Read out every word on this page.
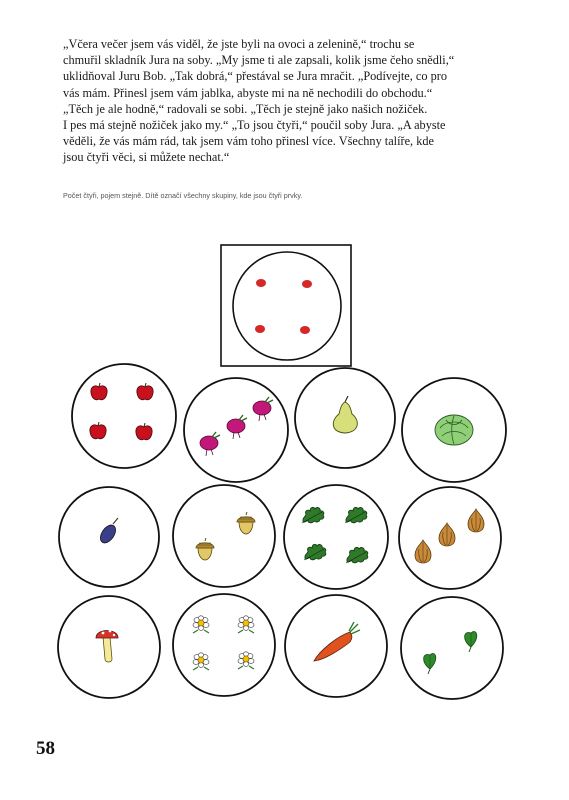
„Včera večer jsem vás viděl, že jste byli na ovoci a zelenině,“ trochu se
chmuřil skladník Jura na soby. „My jsme ti ale zapsali, kolik jsme čeho snědli,“
uklidňoval Juru Bob. „Tak dobrá,“ přestával se Jura mračit. „Podívejte, co pro
vás mám. Přinesl jsem vám jablka, abyste mi na ně nechodili do obchodu.“
„Těch je ale hodně,“ radovali se sobi. „Těch je stejně jako našich nožiček.
I pes má stejně nožiček jako my.“ „To jsou čtyři,“ poučil soby Jura. „A abyste
věděli, že vás mám rád, tak jsem vám toho přinesl více. Všechny talíře, kde
jsou čtyři věci, si můžete nechat.“

Počet čtyři, pojem stejně. Dítě označí všechny skupiny, kde jsou čtyři prvky.

58
